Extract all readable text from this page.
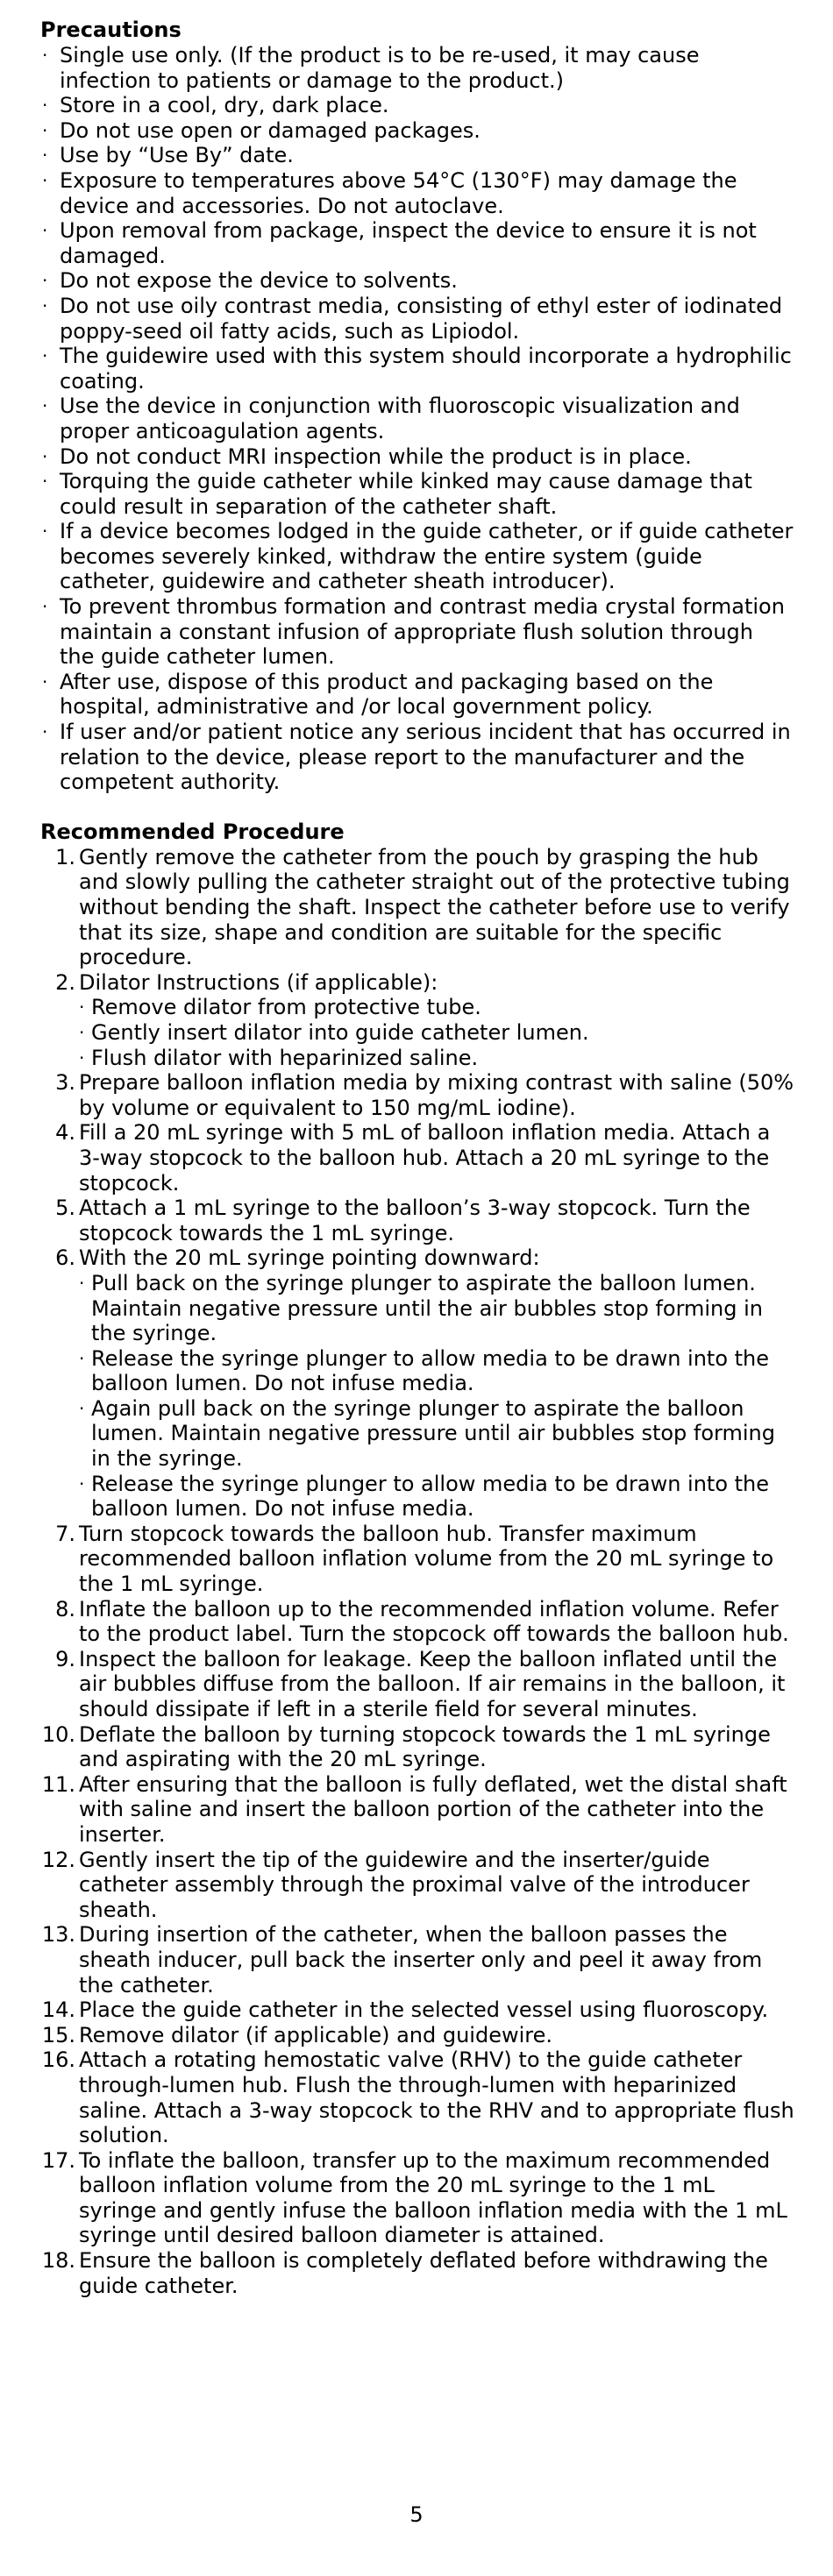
Precautions
· Single use only. (If the product is to be re-used, it may cause infection to patients or damage to the product.)
· Store in a cool, dry, dark place.
· Do not use open or damaged packages.
· Use by “Use By” date.
· Exposure to temperatures above 54°C (130°F) may damage the device and accessories. Do not autoclave.
· Upon removal from package, inspect the device to ensure it is not damaged.
· Do not expose the device to solvents.
· Do not use oily contrast media, consisting of ethyl ester of iodinated poppy-seed oil fatty acids, such as Lipiodol.
· The guidewire used with this system should incorporate a hydrophilic coating.
· Use the device in conjunction with fluoroscopic visualization and proper anticoagulation agents.
· Do not conduct MRI inspection while the product is in place.
· Torquing the guide catheter while kinked may cause damage that could result in separation of the catheter shaft.
· If a device becomes lodged in the guide catheter, or if guide catheter becomes severely kinked, withdraw the entire system (guide catheter, guidewire and catheter sheath introducer).
· To prevent thrombus formation and contrast media crystal formation maintain a constant infusion of appropriate flush solution through the guide catheter lumen.
· After use, dispose of this product and packaging based on the hospital, administrative and /or local government policy.
· If user and/or patient notice any serious incident that has occurred in relation to the device, please report to the manufacturer and the competent authority.
Recommended Procedure
1. Gently remove the catheter from the pouch by grasping the hub and slowly pulling the catheter straight out of the protective tubing without bending the shaft. Inspect the catheter before use to verify that its size, shape and condition are suitable for the specific procedure.
2. Dilator Instructions (if applicable):
· Remove dilator from protective tube.
· Gently insert dilator into guide catheter lumen.
· Flush dilator with heparinized saline.
3. Prepare balloon inflation media by mixing contrast with saline (50% by volume or equivalent to 150 mg/mL iodine).
4. Fill a 20 mL syringe with 5 mL of balloon inflation media. Attach a 3-way stopcock to the balloon hub. Attach a 20 mL syringe to the stopcock.
5. Attach a 1 mL syringe to the balloon’s 3-way stopcock. Turn the stopcock towards the 1 mL syringe.
6. With the 20 mL syringe pointing downward:
· Pull back on the syringe plunger to aspirate the balloon lumen. Maintain negative pressure until the air bubbles stop forming in the syringe.
· Release the syringe plunger to allow media to be drawn into the balloon lumen. Do not infuse media.
· Again pull back on the syringe plunger to aspirate the balloon lumen. Maintain negative pressure until air bubbles stop forming in the syringe.
· Release the syringe plunger to allow media to be drawn into the balloon lumen. Do not infuse media.
7. Turn stopcock towards the balloon hub. Transfer maximum recommended balloon inflation volume from the 20 mL syringe to the 1 mL syringe.
8. Inflate the balloon up to the recommended inflation volume. Refer to the product label. Turn the stopcock off towards the balloon hub.
9. Inspect the balloon for leakage. Keep the balloon inflated until the air bubbles diffuse from the balloon. If air remains in the balloon, it should dissipate if left in a sterile field for several minutes.
10. Deflate the balloon by turning stopcock towards the 1 mL syringe and aspirating with the 20 mL syringe.
11. After ensuring that the balloon is fully deflated, wet the distal shaft with saline and insert the balloon portion of the catheter into the inserter.
12. Gently insert the tip of the guidewire and the inserter/guide catheter assembly through the proximal valve of the introducer sheath.
13. During insertion of the catheter, when the balloon passes the sheath inducer, pull back the inserter only and peel it away from the catheter.
14. Place the guide catheter in the selected vessel using fluoroscopy.
15. Remove dilator (if applicable) and guidewire.
16. Attach a rotating hemostatic valve (RHV) to the guide catheter through-lumen hub. Flush the through-lumen with heparinized saline. Attach a 3-way stopcock to the RHV and to appropriate flush solution.
17. To inflate the balloon, transfer up to the maximum recommended balloon inflation volume from the 20 mL syringe to the 1 mL syringe and gently infuse the balloon inflation media with the 1 mL syringe until desired balloon diameter is attained.
18. Ensure the balloon is completely deflated before withdrawing the guide catheter.
5
